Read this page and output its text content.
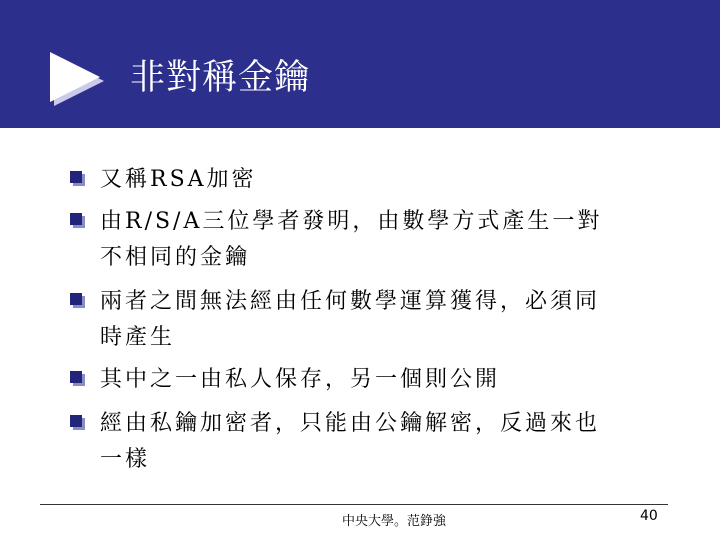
非對稱金鑰
又稱RSA加密
由R/S/A三位學者發明，由數學方式產生一對
不相同的金鑰
兩者之間無法經由任何數學運算獲得，必須同
時產生
其中之一由私人保存，另一個則公開
經由私鑰加密者，只能由公鑰解密，反過來也
一樣
中央大學。范錚強	40
